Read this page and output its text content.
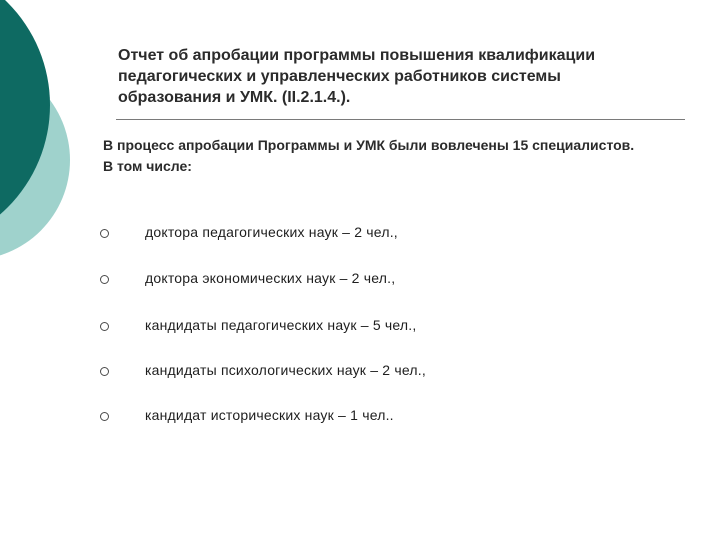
Отчет об апробации программы повышения квалификации
педагогических и управленческих работников системы
образования и УМК. (II.2.1.4.).
В процесс апробации Программы и УМК были вовлечены 15 специалистов.
В том числе:
доктора педагогических наук – 2 чел.,
доктора экономических наук – 2 чел.,
кандидаты педагогических наук – 5 чел.,
кандидаты психологических наук – 2 чел.,
кандидат исторических наук – 1 чел..
